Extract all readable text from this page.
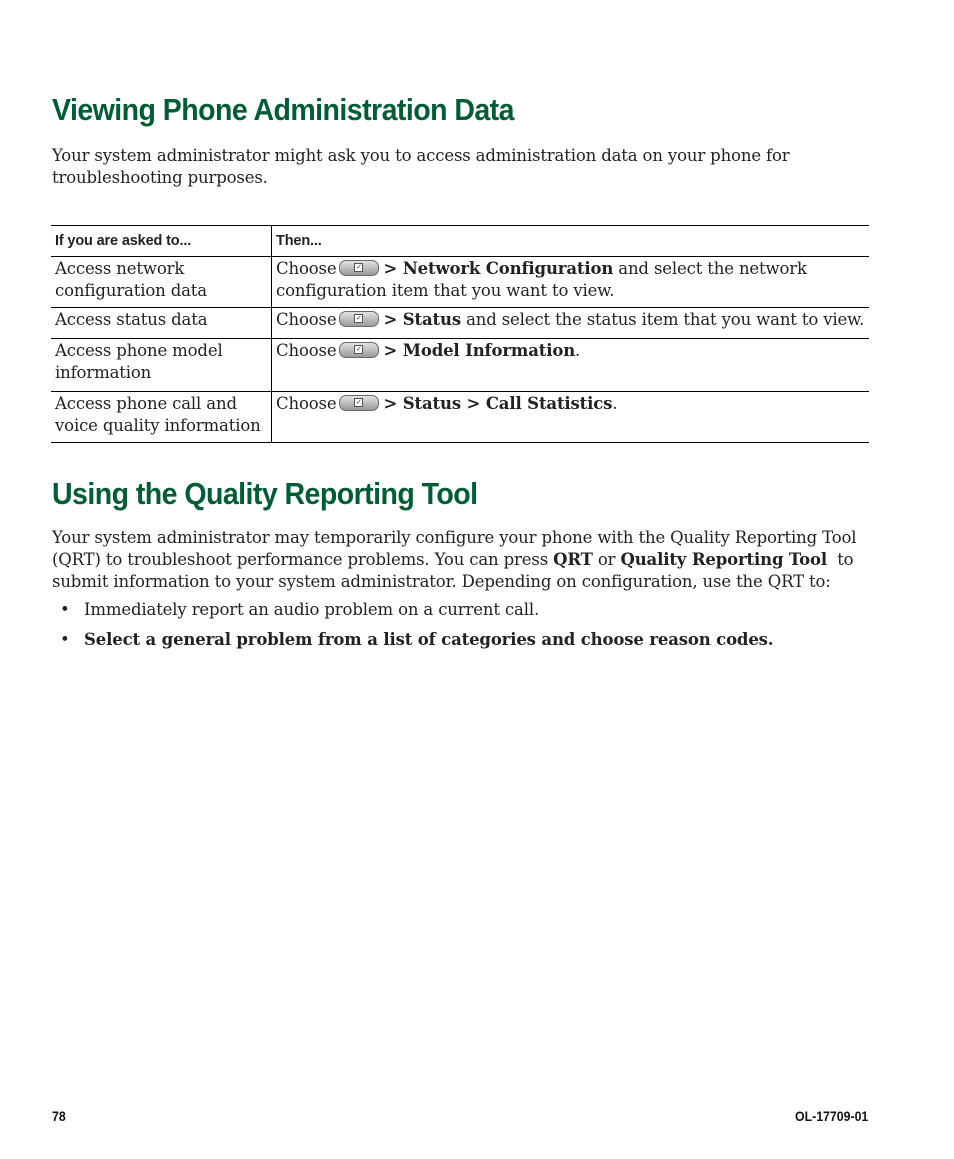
Viewing Phone Administration Data

Your system administrator might ask you to access administration data on your phone for
troubleshooting purposes.

If you are asked to...	Then...

Access network
configuration data	Choose ✓ > Network Configuration and select the network
configuration item that you want to view.

Access status data	Choose ✓ > Status and select the status item that you want to view.

Access phone model
information	Choose ✓ > Model Information.

Access phone call and
voice quality information	Choose ✓ > Status > Call Statistics.
Using the Quality Reporting Tool

Your system administrator may temporarily configure your phone with the Quality Reporting Tool
(QRT) to troubleshoot performance problems. You can press QRT or Quality Reporting Tool  to
submit information to your system administrator. Depending on configuration, use the QRT to:

• Immediately report an audio problem on a current call.
• Select a general problem from a list of categories and choose reason codes.
78	OL-17709-01
